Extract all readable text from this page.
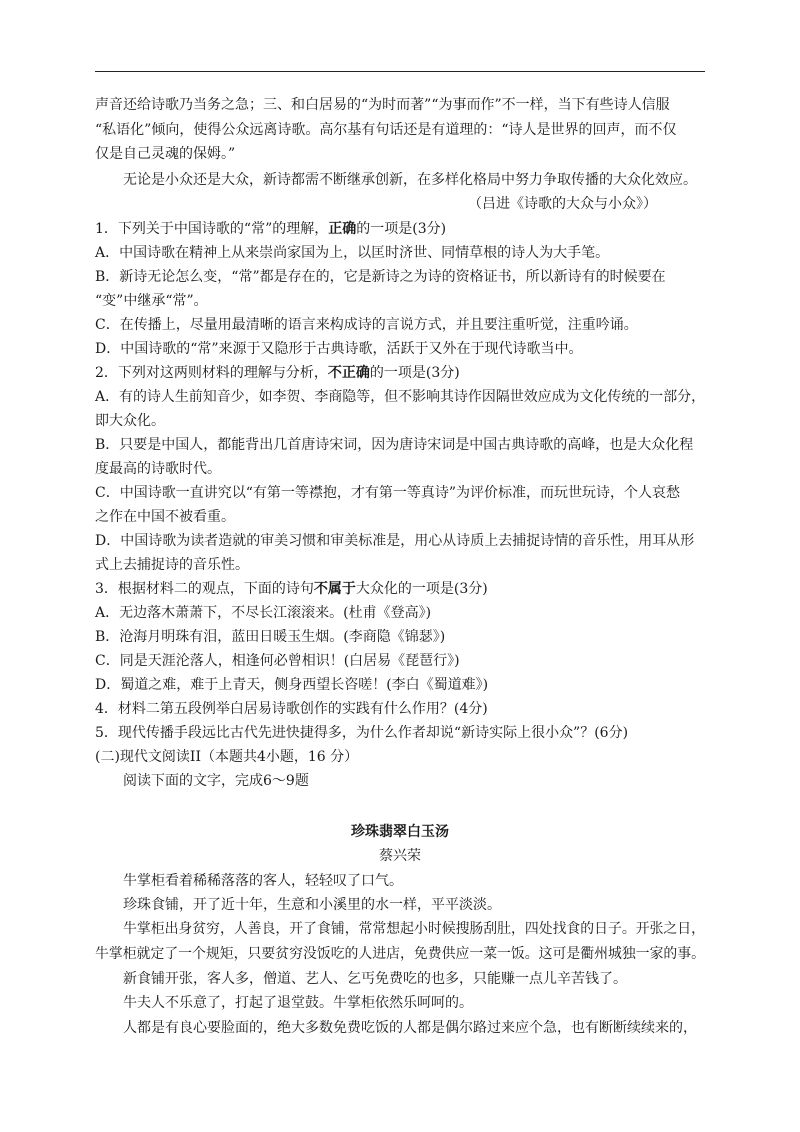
声音还给诗歌乃当务之急；三、和白居易的“为时而著”“为事而作”不一样，当下有些诗人信服

“私语化”倾向，使得公众远离诗歌。高尔基有句话还是有道理的：“诗人是世界的回声，而不仅

仅是自己灵魂的保姆。”

无论是小众还是大众，新诗都需不断继承创新，在多样化格局中努力争取传播的大众化效应。

（吕进《诗歌的大众与小众》）

1．下列关于中国诗歌的“常”的理解，正确的一项是(3分)

A．中国诗歌在精神上从来崇尚家国为上，以匡时济世、同情草根的诗人为大手笔。

B．新诗无论怎么变，“常”都是存在的，它是新诗之为诗的资格证书，所以新诗有的时候要在

“变”中继承“常”。

C．在传播上，尽量用最清晰的语言来构成诗的言说方式，并且要注重听觉，注重吟诵。

D．中国诗歌的“常”来源于又隐形于古典诗歌，活跃于又外在于现代诗歌当中。

2．下列对这两则材料的理解与分析，不正确的一项是(3分)

A．有的诗人生前知音少，如李贺、李商隐等，但不影响其诗作因隔世效应成为文化传统的一部分，

即大众化。

B．只要是中国人，都能背出几首唐诗宋词，因为唐诗宋词是中国古典诗歌的高峰，也是大众化程

度最高的诗歌时代。

C．中国诗歌一直讲究以“有第一等襟抱，才有第一等真诗”为评价标准，而玩世玩诗，个人哀愁

之作在中国不被看重。

D．中国诗歌为读者造就的审美习惯和审美标准是，用心从诗质上去捕捉诗情的音乐性，用耳从形

式上去捕捉诗的音乐性。

3．根据材料二的观点，下面的诗句不属于大众化的一项是(3分)

A．无边落木萧萧下，不尽长江滚滚来。(杜甫《登高》)

B．沧海月明珠有泪，蓝田日暖玉生烟。(李商隐《锦瑟》)

C．同是天涯沦落人，相逢何必曾相识！(白居易《琵琶行》)

D．蜀道之难，难于上青天，侧身西望长咨嗟！(李白《蜀道难》)

4．材料二第五段例举白居易诗歌创作的实践有什么作用？(4分)

5．现代传播手段远比古代先进快捷得多，为什么作者却说“新诗实际上很小众”？(6分)

(二)现代文阅读II（本题共4小题，16 分）

阅读下面的文字，完成6～9题

珍珠翡翠白玉汤

蔡兴荣

牛掌柜看着稀稀落落的客人，轻轻叹了口气。

珍珠食铺，开了近十年，生意和小溪里的水一样，平平淡淡。

牛掌柜出身贫穷，人善良，开了食铺，常常想起小时候搜肠刮肚，四处找食的日子。开张之日，

牛掌柜就定了一个规矩，只要贫穷没饭吃的人进店，免费供应一菜一饭。这可是衢州城独一家的事。

新食铺开张，客人多，僧道、艺人、乞丐免费吃的也多，只能赚一点儿辛苦钱了。

牛夫人不乐意了，打起了退堂鼓。牛掌柜依然乐呵呵的。

人都是有良心要脸面的，绝大多数免费吃饭的人都是偶尔路过来应个急，也有断断续续来的，
